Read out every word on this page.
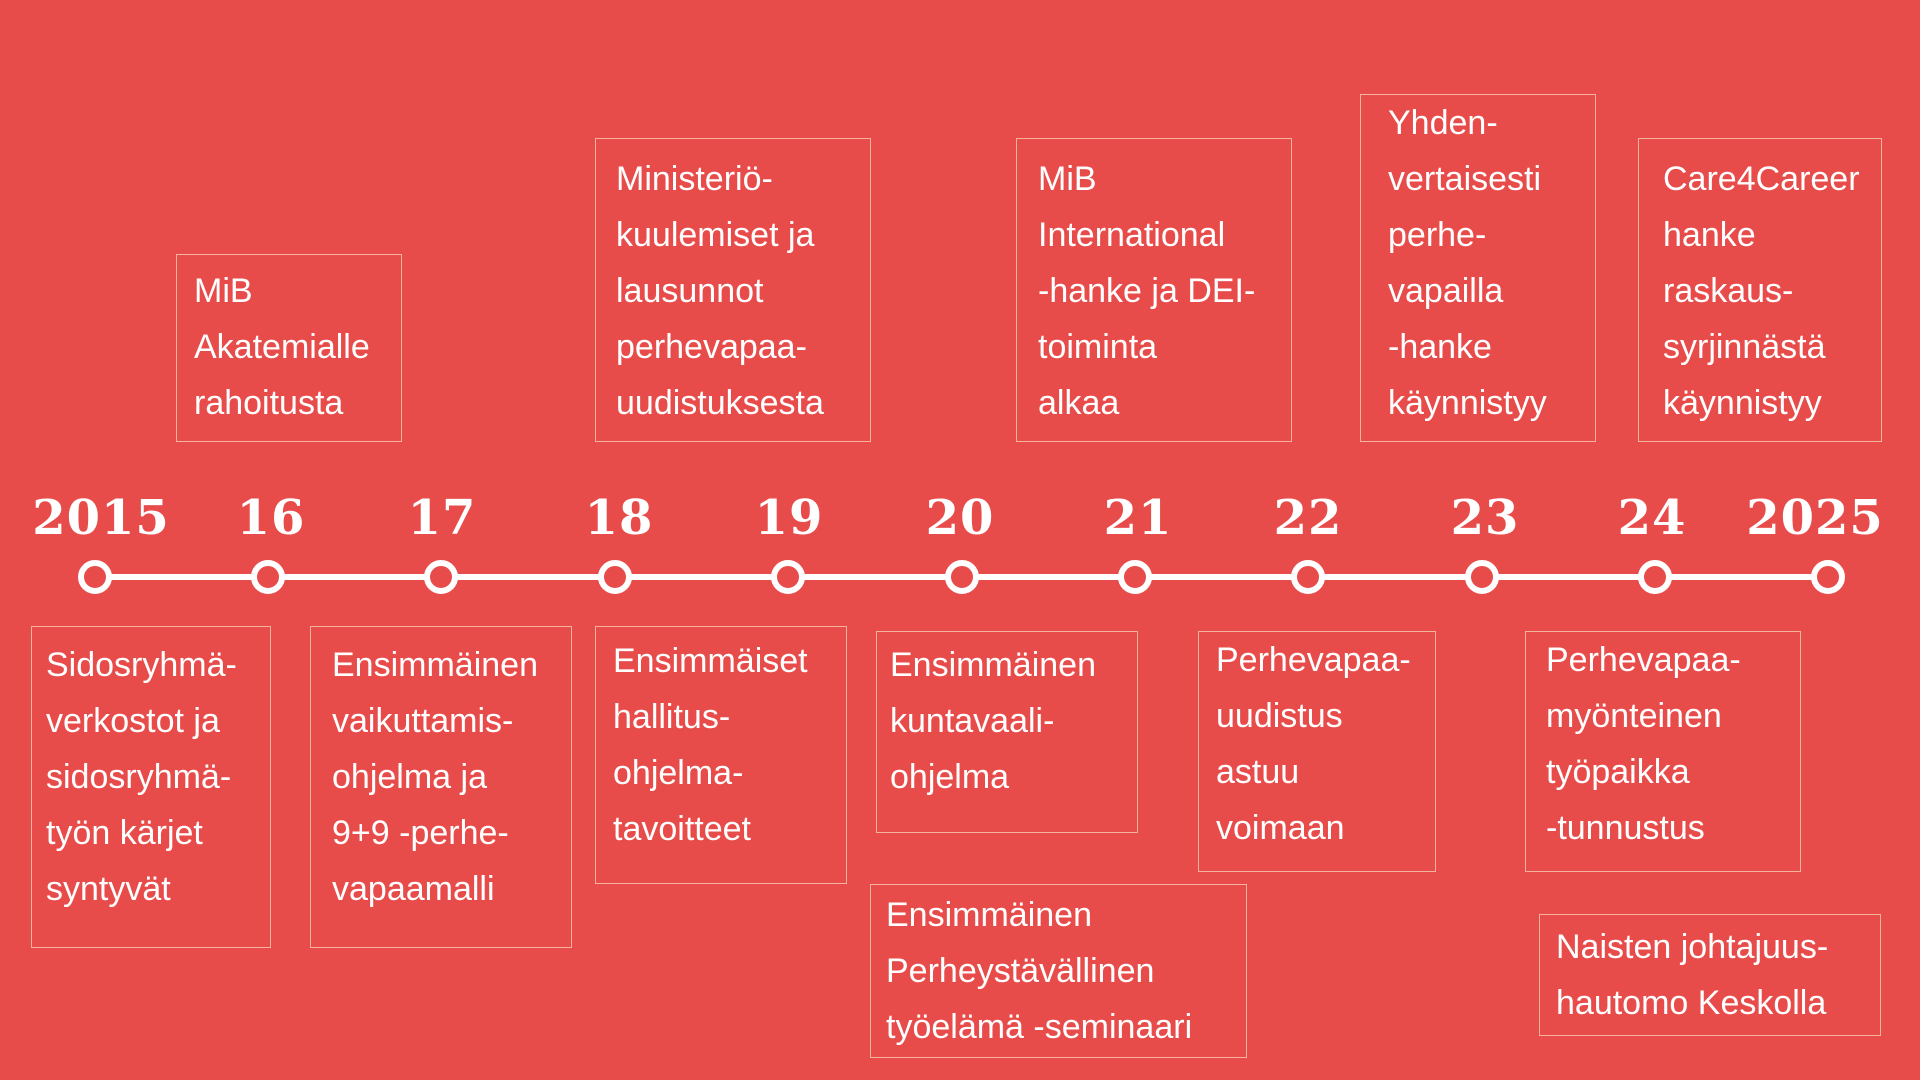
2015	16	17	18	19	20	21	22	23	24	2025
MiB
Akatemialle
rahoitusta
Ministeriö-
kuulemiset ja
lausunnot
perhevapaa-
uudistuksesta
MiB
International
-hanke ja DEI-
toiminta
alkaa
Yhden-
vertaisesti
perhe-
vapailla
-hanke
käynnistyy
Care4Career
hanke
raskaus-
syrjinnästä
käynnistyy
Sidosryhmä-
verkostot ja
sidosryhmä-
työn kärjet
syntyvät
Ensimmäinen
vaikuttamis-
ohjelma ja
9+9 -perhe-
vapaamalli
Ensimmäiset
hallitus-
ohjelma-
tavoitteet
Ensimmäinen
kuntavaali-
ohjelma
Ensimmäinen
Perheystävällinen
työelämä -seminaari
Perhevapaa-
uudistus
astuu
voimaan
Perhevapaa-
myönteinen
työpaikka
-tunnustus
Naisten johtajuus-
hautomo Keskolla
